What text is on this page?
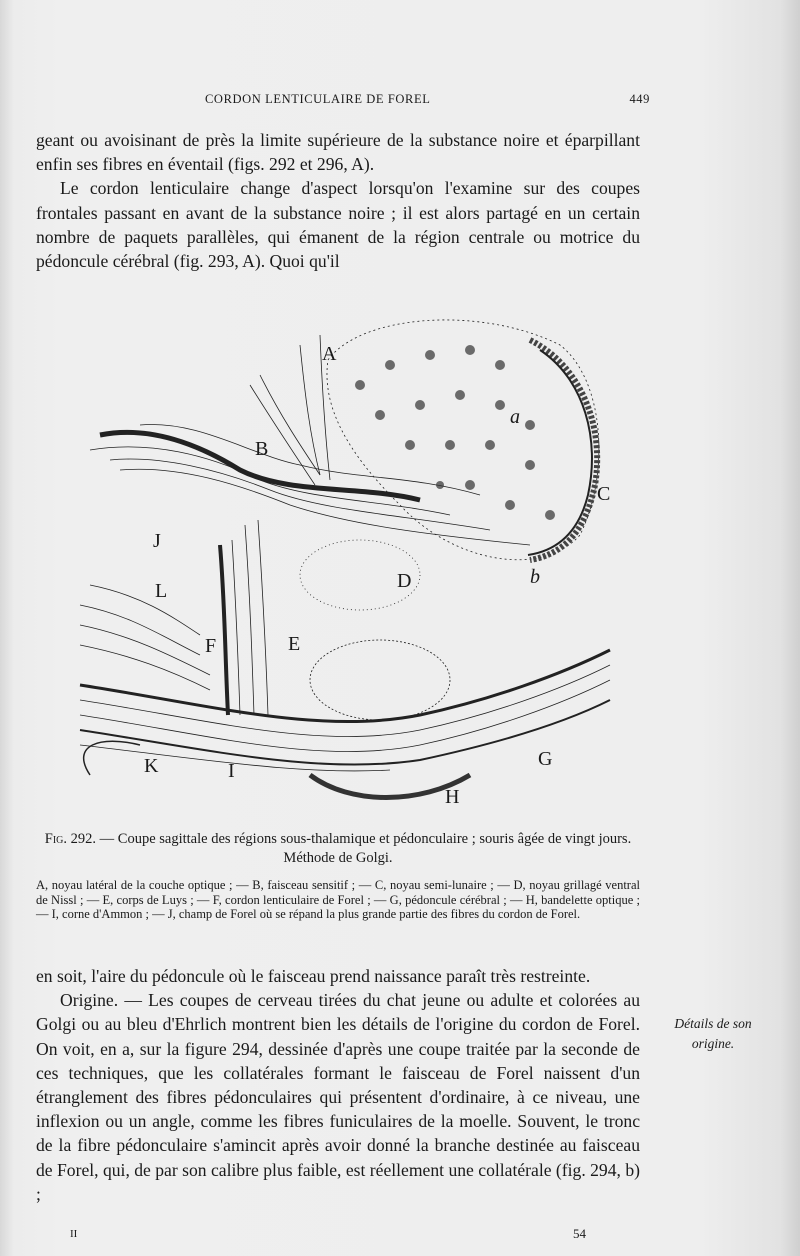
CORDON LENTICULAIRE DE FOREL	449

geant ou avoisinant de près la limite supérieure de la substance noire et éparpillant enfin ses fibres en éventail (figs. 292 et 296, A).

Le cordon lenticulaire change d'aspect lorsqu'on l'examine sur des coupes frontales passant en avant de la substance noire ; il est alors partagé en un certain nombre de paquets parallèles, qui émanent de la région centrale ou motrice du pédoncule cérébral (fig. 293, A). Quoi qu'il

A
B
C
D
E
F
G
H
I
J
K
L
a
b
Fig. 292. — Coupe sagittale des régions sous-thalamique et pédonculaire ; souris âgée de vingt jours. Méthode de Golgi.
A, noyau latéral de la couche optique ; — B, faisceau sensitif ; — C, noyau semi-lunaire ; — D, noyau grillagé ventral de Nissl ; — E, corps de Luys ; — F, cordon lenticulaire de Forel ; — G, pédoncule cérébral ; — H, bandelette optique ; — I, corne d'Ammon ; — J, champ de Forel où se répand la plus grande partie des fibres du cordon de Forel.

en soit, l'aire du pédoncule où le faisceau prend naissance paraît très restreinte.

Origine. — Les coupes de cerveau tirées du chat jeune ou adulte et colorées au Golgi ou au bleu d'Ehrlich montrent bien les détails de l'origine du cordon de Forel. On voit, en a, sur la figure 294, dessinée d'après une coupe traitée par la seconde de ces techniques, que les collatérales formant le faisceau de Forel naissent d'un étranglement des fibres pédonculaires qui présentent d'ordinaire, à ce niveau, une inflexion ou un angle, comme les fibres funiculaires de la moelle. Souvent, le tronc de la fibre pédonculaire s'amincit après avoir donné la branche destinée au faisceau de Forel, qui, de par son calibre plus faible, est réellement une collatérale (fig. 294, b) ;

Détails de son origine.
II	54
